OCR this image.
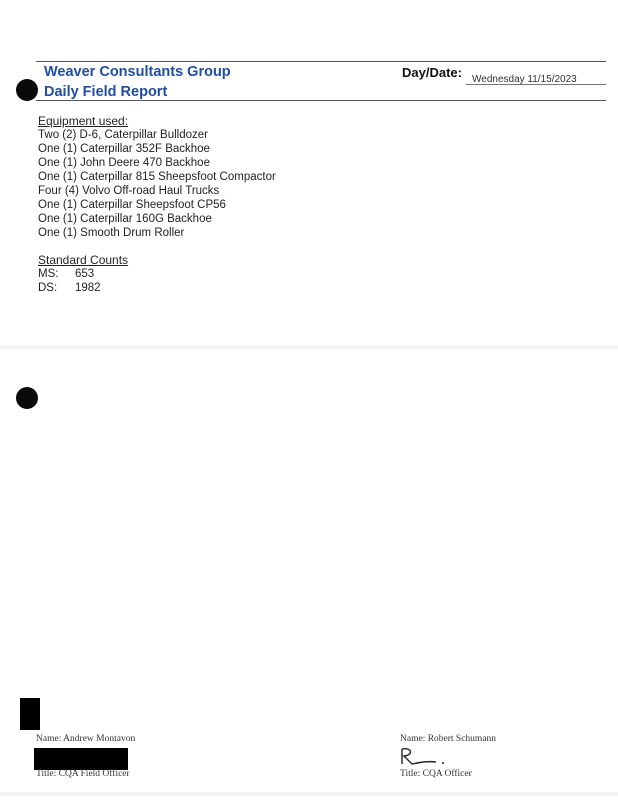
Weaver Consultants Group
Daily Field Report
Day/Date: Wednesday 11/15/2023
Equipment used:
Two (2) D-6, Caterpillar Bulldozer
One (1) Caterpillar 352F Backhoe
One (1) John Deere 470 Backhoe
One (1) Caterpillar 815 Sheepsfoot Compactor
Four (4) Volvo Off-road Haul Trucks
One (1) Caterpillar Sheepsfoot CP56
One (1) Caterpillar 160G Backhoe
One (1) Smooth Drum Roller
Standard Counts
MS: 653
DS: 1982
Name: Andrew Montavon
Title: CQA Field Officer
Name: Robert Schumann
Title: CQA Officer
